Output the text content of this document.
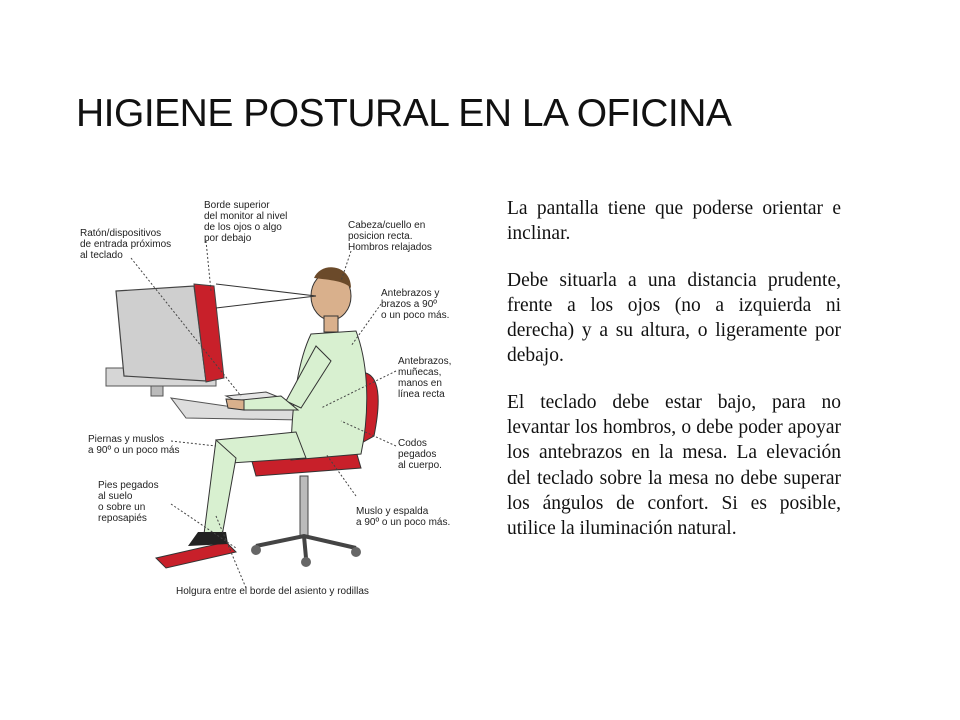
HIGIENE POSTURAL EN LA OFICINA
Ratón/dispositivos
de entrada próximos
al teclado
Borde superior
del monitor al nivel
de los ojos o algo
por debajo
Cabeza/cuello en
posicion recta.
Hombros relajados
Antebrazos y
brazos a 90º
o un poco más.
Antebrazos,
muñecas,
manos en
línea recta
Codos
pegados
al cuerpo.
Piernas y muslos
a 90º o un poco más
Pies pegados
al suelo
o sobre un
reposapiés
Muslo y espalda
a 90º o un poco más.
Holgura entre el borde del asiento y rodillas

La pantalla tiene que poderse orientar e inclinar.

Debe situarla a una distancia prudente, frente a los ojos (no a izquierda ni derecha) y a su altura, o ligeramente por debajo.

El teclado debe estar bajo, para no levantar los hombros, o debe poder apoyar los antebrazos en la mesa. La elevación del teclado sobre la mesa no debe superar los ángulos de confort. Si es posible, utilice la iluminación natural.
